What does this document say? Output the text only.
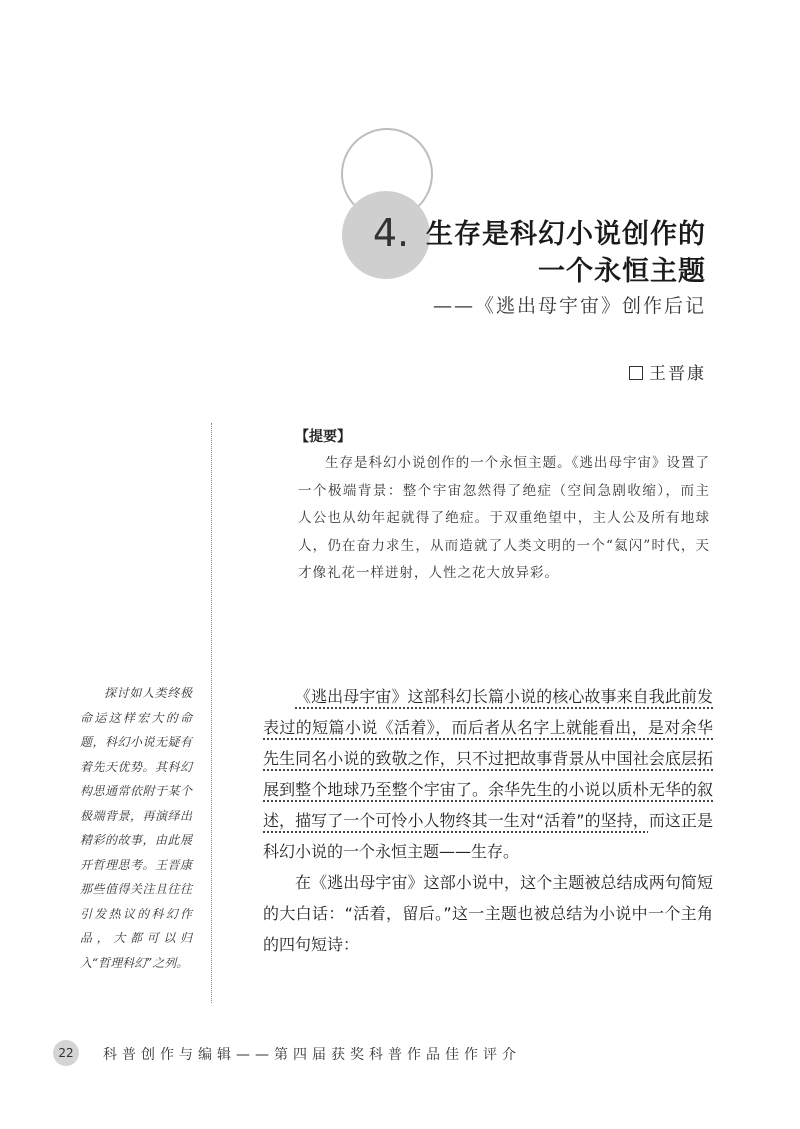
4. 生存是科幻小说创作的
一个永恒主题
——《逃出母宇宙》创作后记
王晋康
【提要】
生存是科幻小说创作的一个永恒主题。《逃出母宇宙》设置了一个极端背景：整个宇宙忽然得了绝症（空间急剧收缩），而主人公也从幼年起就得了绝症。于双重绝望中，主人公及所有地球人，仍在奋力求生，从而造就了人类文明的一个“氦闪”时代，天才像礼花一样迸射，人性之花大放异彩。
探讨如人类终极命运这样宏大的命题，科幻小说无疑有着先天优势。其科幻构思通常依附于某个极端背景，再演绎出精彩的故事，由此展开哲理思考。王晋康那些值得关注且往往引发热议的科幻作品，大都可以归入“哲理科幻”之列。

《逃出母宇宙》这部科幻长篇小说的核心故事来自我此前发表过的短篇小说《活着》，而后者从名字上就能看出，是对余华先生同名小说的致敬之作，只不过把故事背景从中国社会底层拓展到整个地球乃至整个宇宙了。余华先生的小说以质朴无华的叙述，描写了一个可怜小人物终其一生对“活着”的坚持，而这正是科幻小说的一个永恒主题——生存。

在《逃出母宇宙》这部小说中，这个主题被总结成两句简短的大白话：“活着，留后。”这一主题也被总结为小说中一个主角的四句短诗：

22 科普创作与编辑——第四届获奖科普作品佳作评介
